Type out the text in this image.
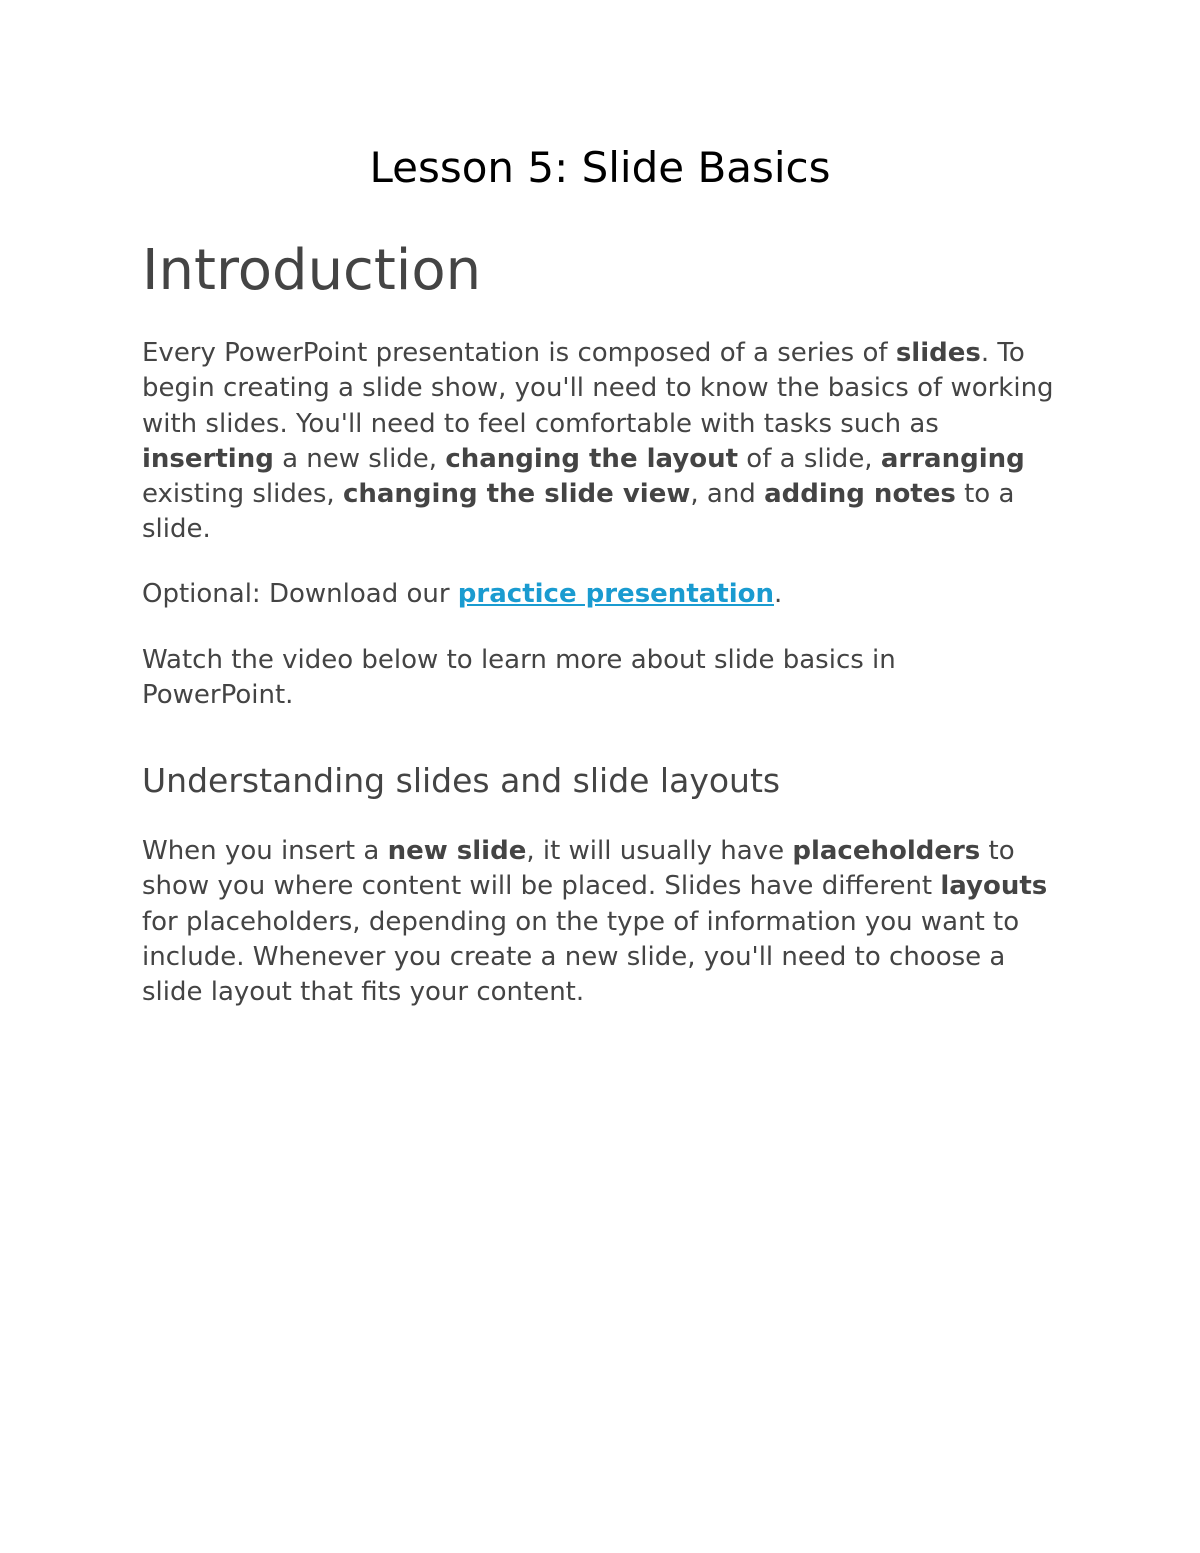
Lesson 5: Slide Basics
Introduction

Every PowerPoint presentation is composed of a series of slides. To begin creating a slide show, you'll need to know the basics of working with slides. You'll need to feel comfortable with tasks such as inserting a new slide, changing the layout of a slide, arranging existing slides, changing the slide view, and adding notes to a slide.

Optional: Download our practice presentation.

Watch the video below to learn more about slide basics in PowerPoint.

Understanding slides and slide layouts

When you insert a new slide, it will usually have placeholders to show you where content will be placed. Slides have different layouts for placeholders, depending on the type of information you want to include. Whenever you create a new slide, you'll need to choose a slide layout that fits your content.
